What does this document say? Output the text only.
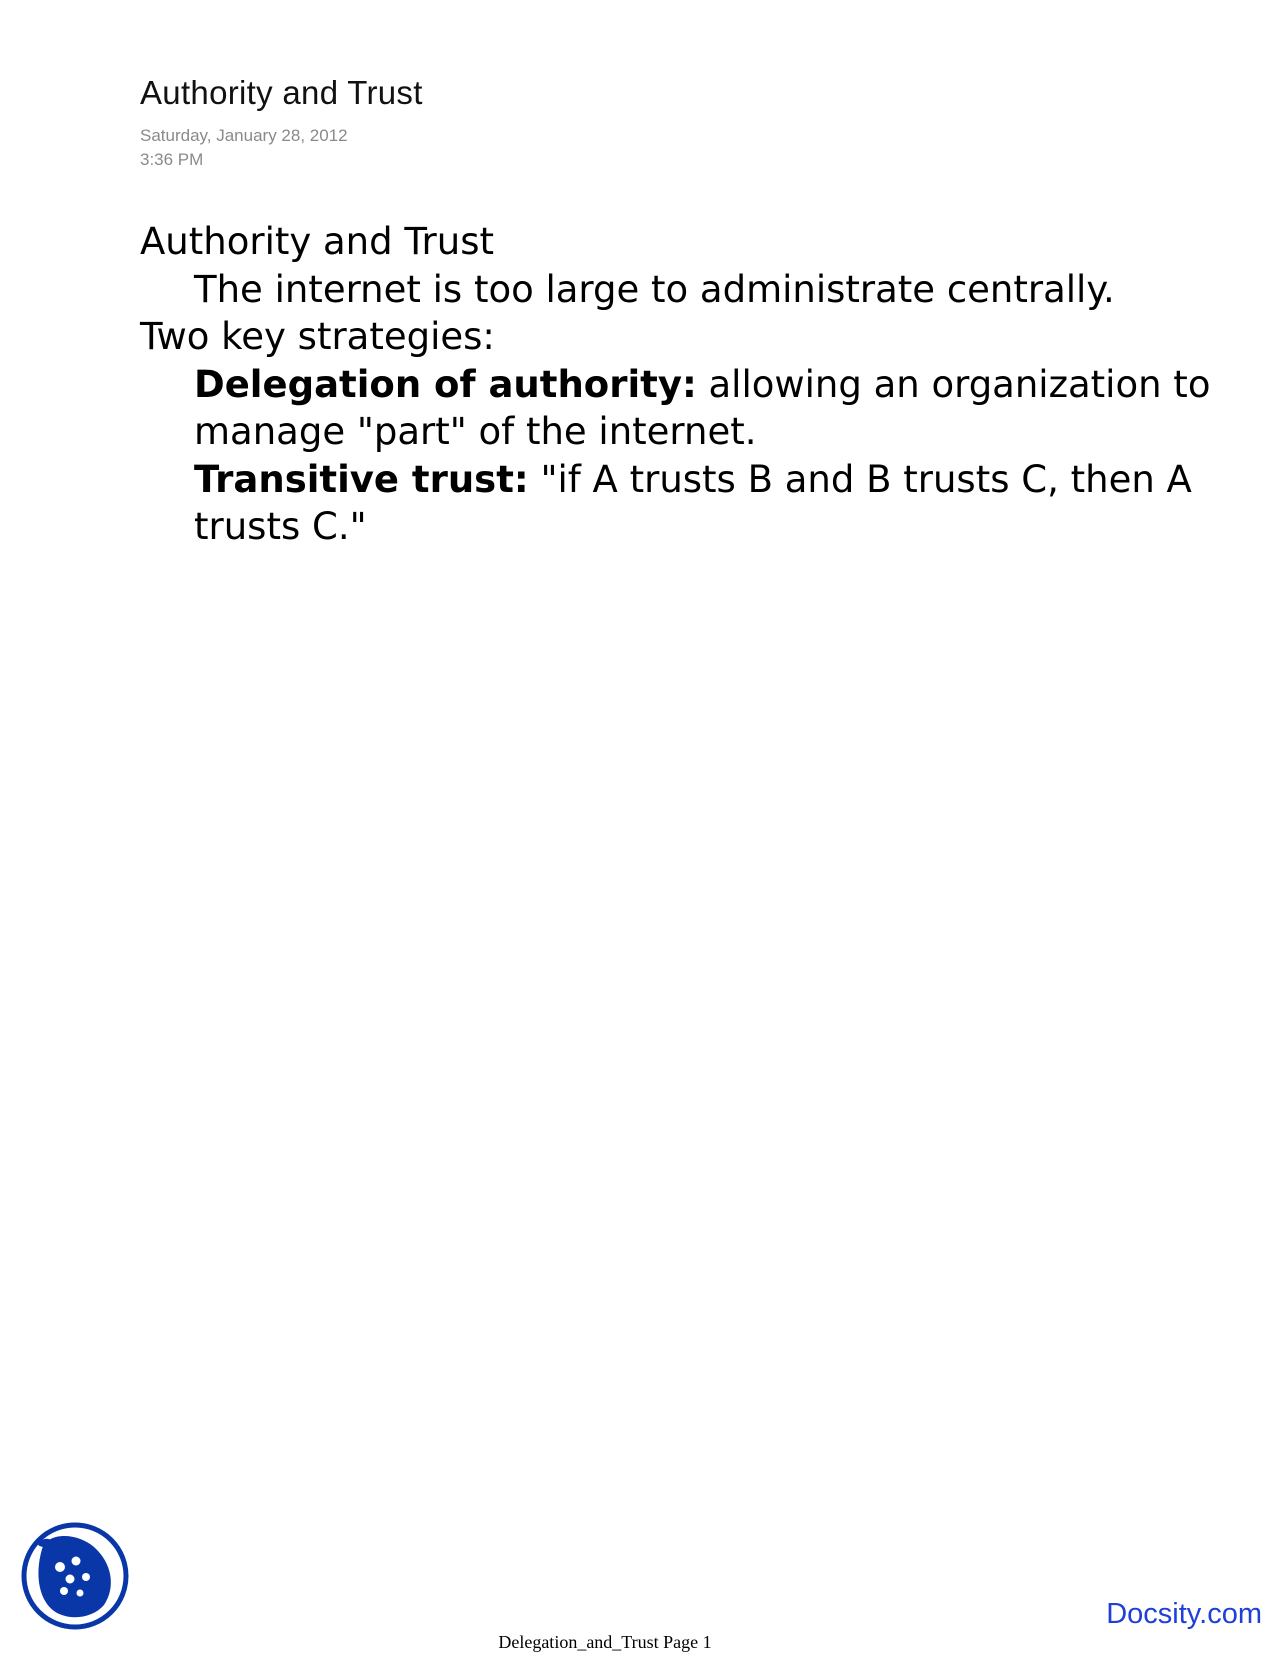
Authority and Trust
Saturday, January 28, 2012
3:36 PM

Authority and Trust

The internet is too large to administrate centrally.

Two key strategies:

Delegation of authority: allowing an organization to manage "part" of the internet.

Transitive trust: "if A trusts B and B trusts C, then A trusts C."

Docsity.com
Delegation_and_Trust Page 1
